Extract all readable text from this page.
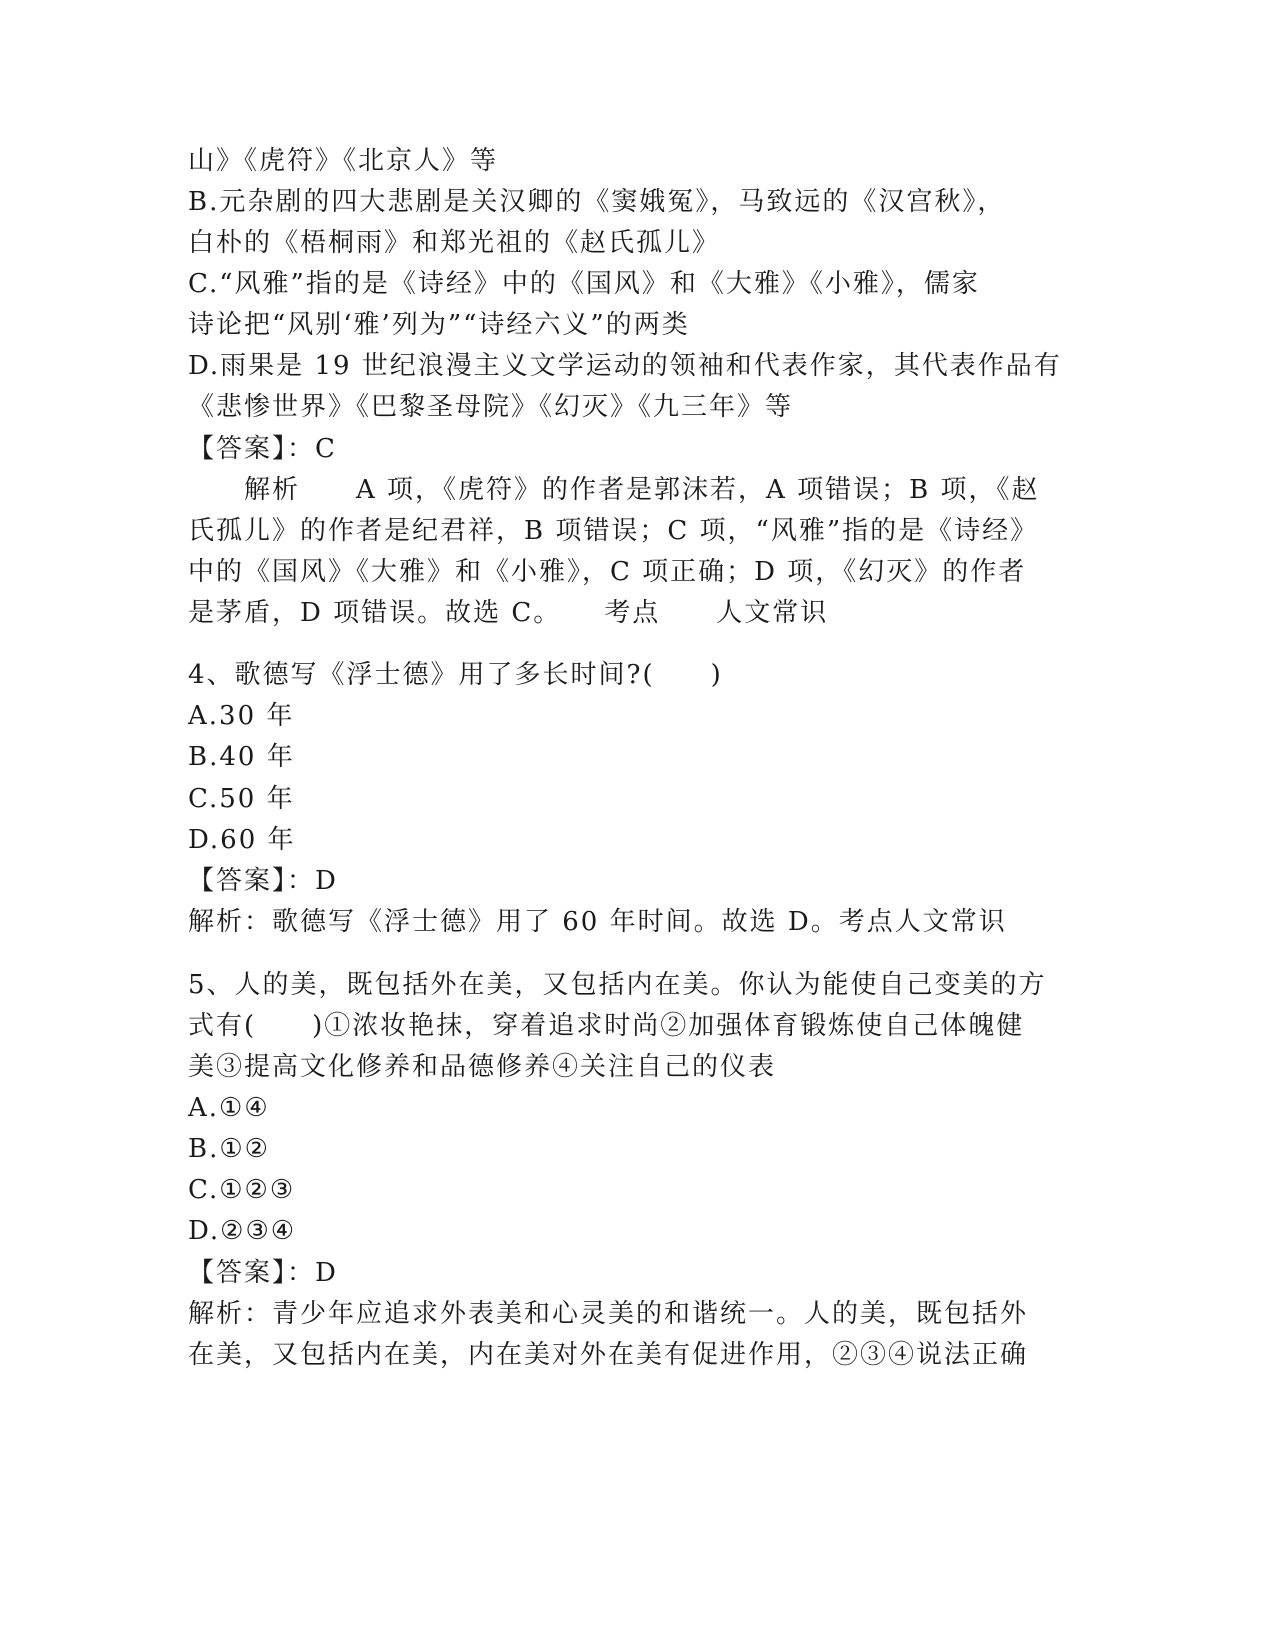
山》《虎符》《北京人》等
B.元杂剧的四大悲剧是关汉卿的《窦娥冤》，马致远的《汉宫秋》，
白朴的《梧桐雨》和郑光祖的《赵氏孤儿》
C.“风雅”指的是《诗经》中的《国风》和《大雅》《小雅》，儒家
诗论把“风别‘雅’列为”“诗经六义”的两类
D.雨果是 19 世纪浪漫主义文学运动的领袖和代表作家，其代表作品有
《悲惨世界》《巴黎圣母院》《幻灭》《九三年》等
【答案】：C
　　解析　　A 项，《虎符》的作者是郭沫若，A 项错误；B 项，《赵
氏孤儿》的作者是纪君祥，B 项错误；C 项，“风雅”指的是《诗经》
中的《国风》《大雅》和《小雅》，C 项正确；D 项，《幻灭》的作者
是茅盾，D 项错误。故选 C。　　考点　　人文常识
4、歌德写《浮士德》用了多长时间?(　　)
A.30 年
B.40 年
C.50 年
D.60 年
【答案】：D
解析：歌德写《浮士德》用了 60 年时间。故选 D。考点人文常识
5、人的美，既包括外在美，又包括内在美。你认为能使自己变美的方
式有(　　)①浓妆艳抹，穿着追求时尚②加强体育锻炼使自己体魄健
美③提高文化修养和品德修养④关注自己的仪表
A.①④
B.①②
C.①②③
D.②③④
【答案】：D
解析：青少年应追求外表美和心灵美的和谐统一。人的美，既包括外
在美，又包括内在美，内在美对外在美有促进作用，②③④说法正确
